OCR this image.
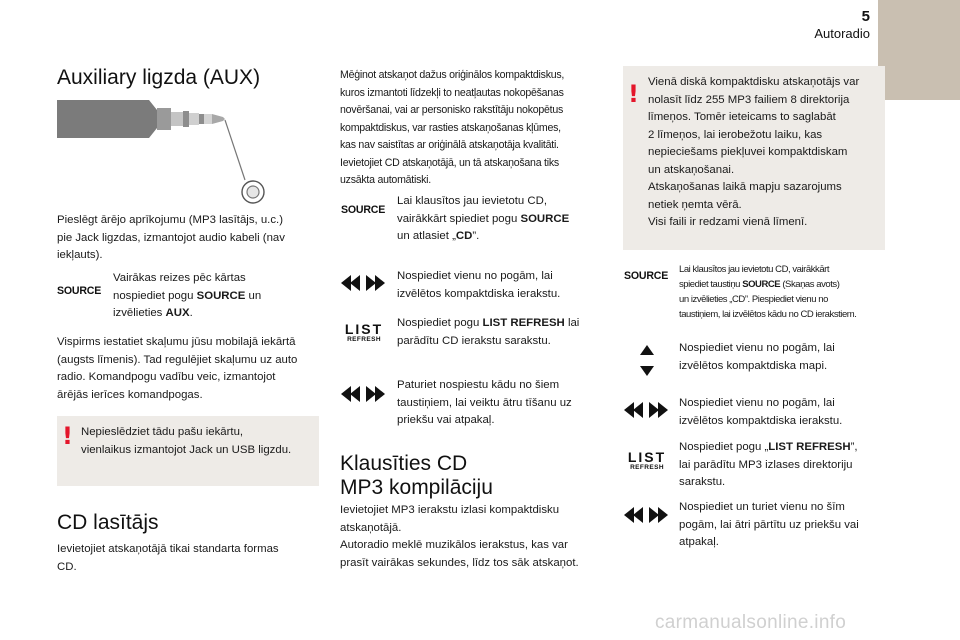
5
Autoradio
Auxiliary ligzda (AUX)
Pieslēgt ārējo aprīkojumu (MP3 lasītājs, u.c.)
pie Jack ligzdas, izmantojot audio kabeli (nav
iekļauts).
SOURCE
Vairākas reizes pēc kārtas
nospiediet pogu SOURCE un
izvēlieties AUX.
Vispirms iestatiet skaļumu jūsu mobilajā iekārtā
(augsts līmenis). Tad regulējiet skaļumu uz auto
radio. Komandpogu vadību veic, izmantojot
ārējās ierīces komandpogas.
! Nepieslēdziet tādu pašu iekārtu,
vienlaikus izmantojot Jack un USB ligzdu.
CD lasītājs
Ievietojiet atskaņotājā tikai standarta formas
CD.
Mēģinot atskaņot dažus oriģinālos kompaktdiskus,
kuros izmantoti līdzekļi to neatļautas nokopēšanas
novēršanai, vai ar personisko rakstītāju nokopētus
kompaktdiskus, var rasties atskaņošanas kļūmes,
kas nav saistītas ar oriģinālā atskaņotāja kvalitāti.
Ievietojiet CD atskaņotājā, un tā atskaņošana tiks
uzsākta automātiski.
SOURCE
Lai klausītos jau ievietotu CD,
vairākkārt spiediet pogu SOURCE
un atlasiet „CD”.
Nospiediet vienu no pogām, lai
izvēlētos kompaktdiska ierakstu.
LIST
REFRESH
Nospiediet pogu LIST REFRESH lai
parādītu CD ierakstu sarakstu.
Paturiet nospiestu kādu no šiem
taustiņiem, lai veiktu ātru tīšanu uz
priekšu vai atpakaļ.
Klausīties CD
MP3 kompilāciju
Ievietojiet MP3 ierakstu izlasi kompaktdisku
atskaņotājā.
Autoradio meklē muzikālos ierakstus, kas var
prasīt vairākas sekundes, līdz tos sāk atskaņot.
! Vienā diskā kompaktdisku atskaņotājs var
nolasīt līdz 255 MP3 failiem 8 direktorija
līmeņos. Tomēr ieteicams to saglabāt
2 līmeņos, lai ierobežotu laiku, kas
nepieciešams piekļuvei kompaktdiskam
un atskaņošanai.
Atskaņošanas laikā mapju sazarojums
netiek ņemta vērā.
Visi faili ir redzami vienā līmenī.
SOURCE
Lai klausītos jau ievietotu CD, vairākkārt
spiediet taustiņu SOURCE (Skaņas avots)
un izvēlieties „CD”. Piespiediet vienu no
taustiņiem, lai izvēlētos kādu no CD ierakstiem.
Nospiediet vienu no pogām, lai
izvēlētos kompaktdiska mapi.
Nospiediet vienu no pogām, lai
izvēlētos kompaktdiska ierakstu.
LIST
REFRESH
Nospiediet pogu „LIST REFRESH”,
lai parādītu MP3 izlases direktoriju
sarakstu.
Nospiediet un turiet vienu no šīm
pogām, lai ātri pārtītu uz priekšu vai
atpakaļ.
carmanualsonline.info
